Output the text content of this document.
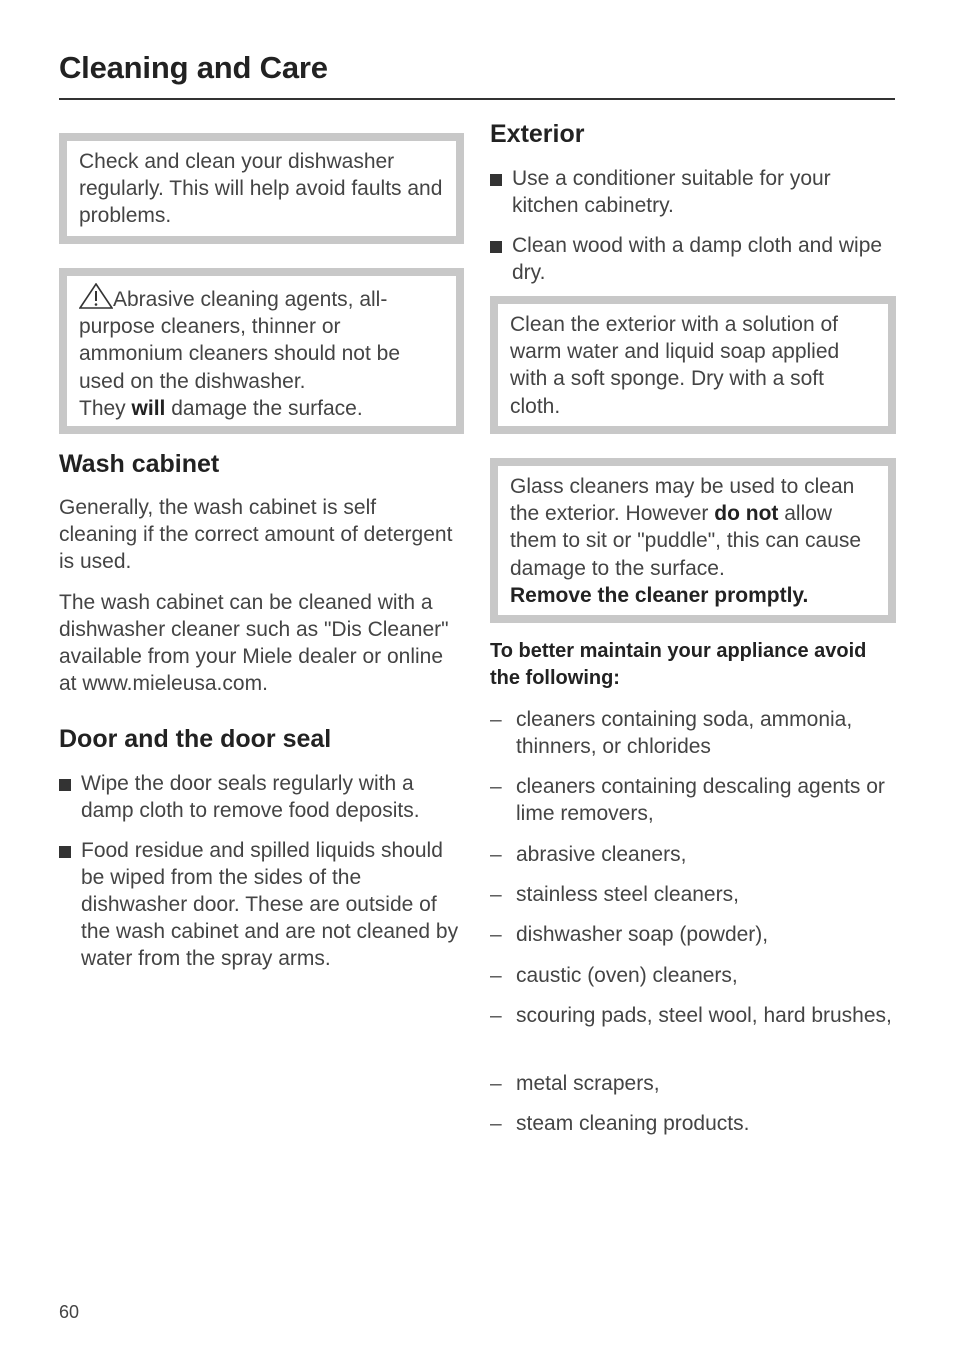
Cleaning and Care
Check and clean your dishwasher regularly. This will help avoid faults and problems.
Abrasive cleaning agents, all-purpose cleaners, thinner or ammonium cleaners should not be used on the dishwasher.
They will damage the surface.
Wash cabinet

Generally, the wash cabinet is self cleaning if the correct amount of detergent is used.

The wash cabinet can be cleaned with a dishwasher cleaner such as "Dis Cleaner" available from your Miele dealer or online at www.mieleusa.com.

Door and the door seal
Wipe the door seals regularly with a damp cloth to remove food deposits.
Food residue and spilled liquids should be wiped from the sides of the dishwasher door. These are outside of the wash cabinet and are not cleaned by water from the spray arms.
Exterior
Use a conditioner suitable for your kitchen cabinetry.
Clean wood with a damp cloth and wipe dry.
Clean the exterior with a solution of warm water and liquid soap applied with a soft sponge. Dry with a soft cloth.
Glass cleaners may be used to clean the exterior. However do not allow them to sit or "puddle", this can cause damage to the surface.
Remove the cleaner promptly.

To better maintain your appliance avoid the following:

– cleaners containing soda, ammonia, thinners, or chlorides
– cleaners containing descaling agents or lime removers,
– abrasive cleaners,
– stainless steel cleaners,
– dishwasher soap (powder),
– caustic (oven) cleaners,
– scouring pads, steel wool, hard brushes,
– metal scrapers,
– steam cleaning products.
60
